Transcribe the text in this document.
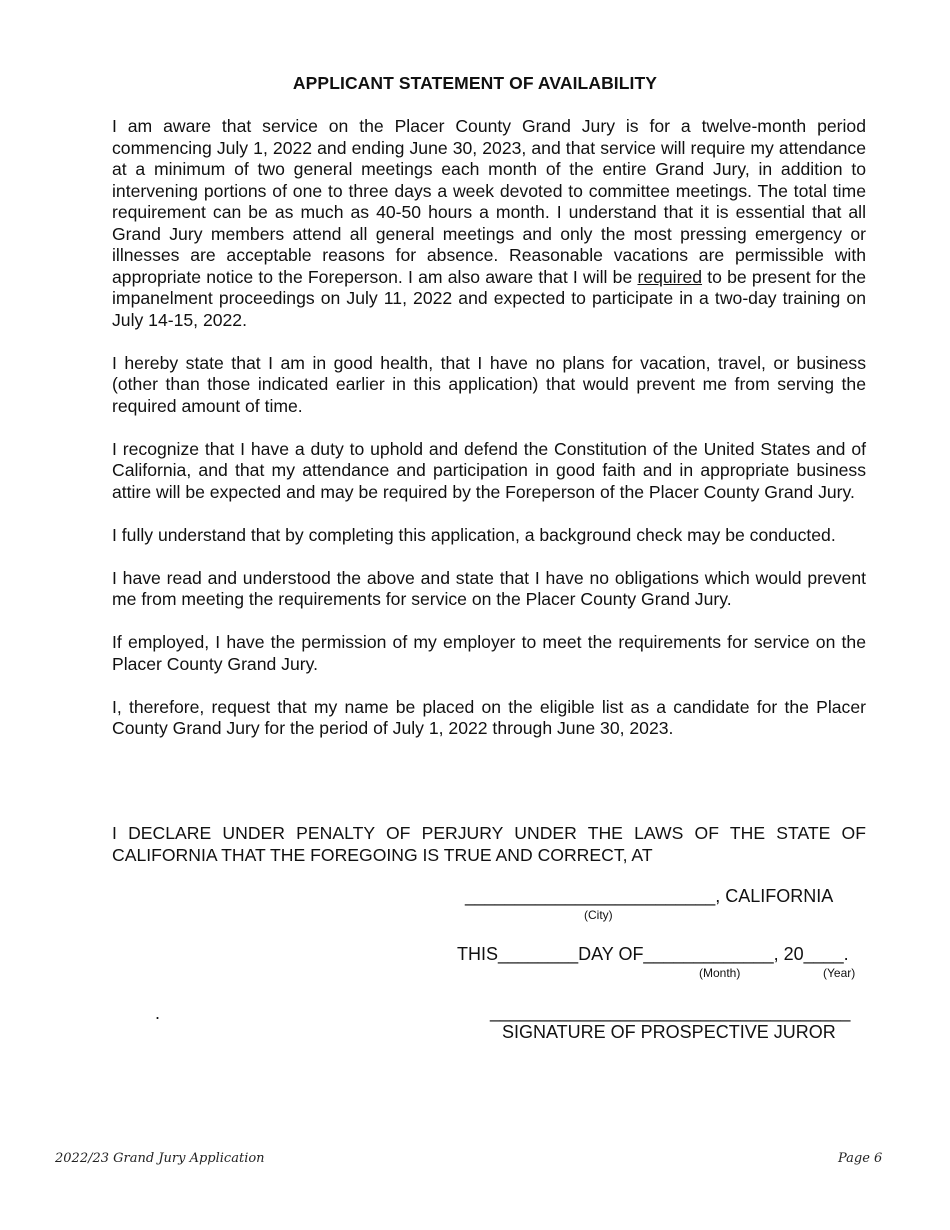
APPLICANT STATEMENT OF AVAILABILITY

I am aware that service on the Placer County Grand Jury is for a twelve-month period commencing July 1, 2022 and ending June 30, 2023, and that service will require my attendance at a minimum of two general meetings each month of the entire Grand Jury, in addition to intervening portions of one to three days a week devoted to committee meetings. The total time requirement can be as much as 40-50 hours a month. I understand that it is essential that all Grand Jury members attend all general meetings and only the most pressing emergency or illnesses are acceptable reasons for absence. Reasonable vacations are permissible with appropriate notice to the Foreperson. I am also aware that I will be required to be present for the impanelment proceedings on July 11, 2022 and expected to participate in a two-day training on July 14-15, 2022.

I hereby state that I am in good health, that I have no plans for vacation, travel, or business (other than those indicated earlier in this application) that would prevent me from serving the required amount of time.

I recognize that I have a duty to uphold and defend the Constitution of the United States and of California, and that my attendance and participation in good faith and in appropriate business attire will be expected and may be required by the Foreperson of the Placer County Grand Jury.

I fully understand that by completing this application, a background check may be conducted.

I have read and understood the above and state that I have no obligations which would prevent me from meeting the requirements for service on the Placer County Grand Jury.

If employed, I have the permission of my employer to meet the requirements for service on the Placer County Grand Jury.

I, therefore, request that my name be placed on the eligible list as a candidate for the Placer County Grand Jury for the period of July 1, 2022 through June 30, 2023.

I DECLARE UNDER PENALTY OF PERJURY UNDER THE LAWS OF THE STATE OF CALIFORNIA THAT THE FOREGOING IS TRUE AND CORRECT, AT
_________________________, CALIFORNIA
(City)
THIS________DAY OF_____________, 20____.
(Month)	(Year)
.	____________________________________
SIGNATURE OF PROSPECTIVE JUROR
2022/23 Grand Jury Application	Page 6
